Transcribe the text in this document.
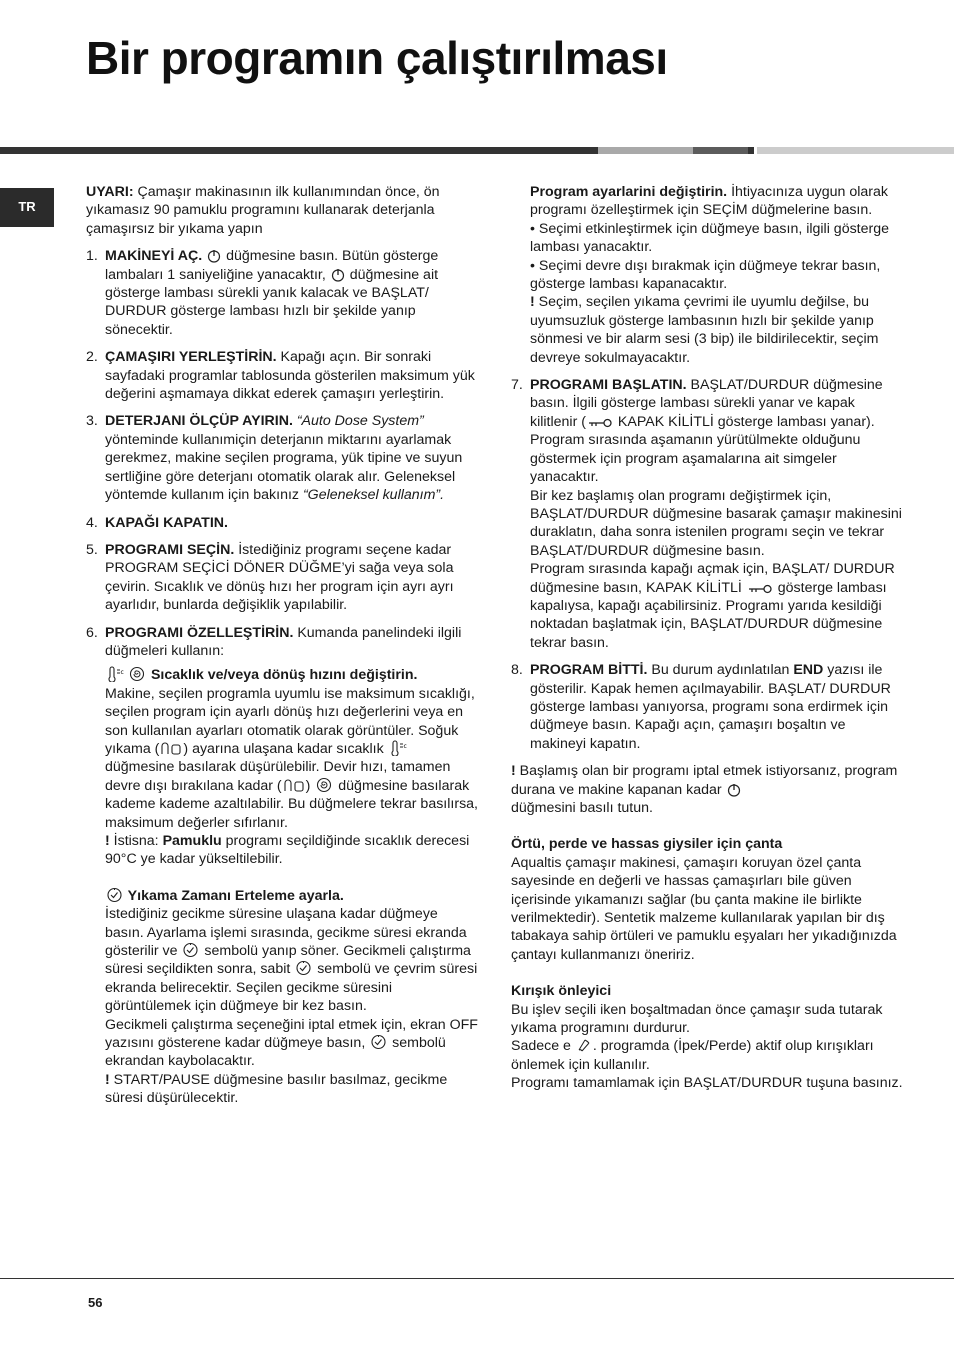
Bir programın çalıştırılması
TR

UYARI: Çamaşır makinasının ilk kullanımından önce, ön yıkamasız 90 pamuklu programını kullanarak deterjanla çamaşırsız bir yıkama yapın

1. MAKİNEYİ AÇ.  düğmesine basın. Bütün gösterge lambaları 1 saniyeliğine yanacaktır,  düğmesine ait gösterge lambası sürekli yanık kalacak ve BAŞLAT/ DURDUR gösterge lambası hızlı bir şekilde yanıp sönecektir.
2. ÇAMAŞIRI YERLEŞTİRİN. Kapağı açın. Bir sonraki sayfadaki programlar tablosunda gösterilen maksimum yük değerini aşmamaya dikkat ederek çamaşırı yerleştirin.
3. DETERJANI ÖLÇÜP AYIRIN. “Auto Dose System” yönteminde kullanımiçin deterjanın miktarını ayarlamak gerekmez, makine seçilen programa, yük tipine ve suyun sertliğine göre deterjanı otomatik olarak alır. Geleneksel yöntemde kullanım için bakınız “Geleneksel kullanım”.
4. KAPAĞI KAPATIN.
5. PROGRAMI SEÇİN. İstediğiniz programı seçene kadar PROGRAM SEÇİCİ DÖNER DÜĞME’yi sağa veya sola çevirin. Sıcaklık ve dönüş hızı her program için ayrı ayrı ayarlıdır, bunlarda değişiklik yapılabilir.
6. PROGRAMI ÖZELLEŞTİRİN. Kumanda panelindeki ilgili düğmeleri kullanın:

c Sıcaklık ve/veya dönüş hızını değiştirin.
Makine, seçilen programla uyumlu ise maksimum sıcaklığı, seçilen program için ayarlı dönüş hızı değerlerini veya en son kullanılan ayarları otomatik olarak görüntüler. Soğuk yıkama ( ) ayarına ulaşana kadar sıcaklık	c
düğmesine basılarak düşürülebilir. Devir hızı, tamamen devre dışı bırakılana kadar ( )  düğmesine basılarak kademe kademe azaltılabilir. Bu düğmelere tekrar basılırsa, maksimum değerler sıfırlanır.
! İstisna: Pamuklu programı seçildiğinde sıcaklık derecesi 90°C ye kadar yükseltilebilir.

Yıkama Zamanı Erteleme ayarla.
İstediğiniz gecikme süresine ulaşana kadar düğmeye basın. Ayarlama işlemi sırasında, gecikme süresi ekranda gösterilir ve  sembolü yanıp söner. Gecikmeli çalıştırma süresi seçildikten sonra, sabit  sembolü ve çevrim süresi ekranda belirecektir. Seçilen gecikme süresini görüntülemek için düğmeye bir kez basın.
Gecikmeli çalıştırma seçeneğini iptal etmek için, ekran OFF yazısını gösterene kadar düğmeye basın,  sembolü ekrandan kaybolacaktır.
! START/PAUSE düğmesine basılır basılmaz, gecikme süresi düşürülecektir.

Program ayarlarini değiştirin. İhtiyacınıza uygun olarak programı özelleştirmek için SEÇİM düğmelerine basın.

• Seçimi etkinleştirmek için düğmeye basın, ilgili gösterge lambası yanacaktır.

• Seçimi devre dışı bırakmak için düğmeye tekrar basın, gösterge lambası kapanacaktır.

! Seçim, seçilen yıkama çevrimi ile uyumlu değilse, bu uyumsuzluk gösterge lambasının hızlı bir şekilde yanıp sönmesi ve bir alarm sesi (3 bip) ile bildirilecektir, seçim devreye sokulmayacaktır.

7. PROGRAMI BAŞLATIN. BAŞLAT/DURDUR düğmesine basın. İlgili gösterge lambası sürekli yanar ve kapak kilitlenir ( KAPAK KİLİTLİ gösterge lambası yanar). Program sırasında aşamanın yürütülmekte olduğunu göstermek için program aşamalarına ait simgeler yanacaktır.
Bir kez başlamış olan programı değiştirmek için, BAŞLAT/DURDUR düğmesine basarak çamaşır makinesini duraklatın, daha sonra istenilen programı seçin ve tekrar BAŞLAT/DURDUR düğmesine basın.
Program sırasında kapağı açmak için, BAŞLAT/ DURDUR düğmesine basın, KAPAK KİLİTLİ  gösterge lambası kapalıysa, kapağı açabilirsiniz. Programı yarıda kesildiği noktadan başlatmak için, BAŞLAT/DURDUR düğmesine tekrar basın.
8. PROGRAM BİTTİ. Bu durum aydınlatılan END yazısı ile gösterilir. Kapak hemen açılmayabilir. BAŞLAT/ DURDUR gösterge lambası yanıyorsa, programı sona erdirmek için düğmeye basın. Kapağı açın, çamaşırı boşaltın ve makineyi kapatın.

! Başlamış olan bir programı iptal etmek istiyorsanız, program durana ve makine kapanan kadar
düğmesini basılı tutun.

Örtü, perde ve hassas giysiler için çanta

Aqualtis çamaşır makinesi, çamaşırı koruyan özel çanta sayesinde en değerli ve hassas çamaşırları bile güven içerisinde yıkamanızı sağlar (bu çanta makine ile birlikte verilmektedir). Sentetik malzeme kullanılarak yapılan bir dış tabakaya sahip örtüleri ve pamuklu eşyaları her yıkadığınızda çantayı kullanmanızı öneririz.

Kırışık önleyici

Bu işlev seçili iken boşaltmadan önce çamaşır suda tutarak yıkama programını durdurur.

Sadece e . programda (İpek/Perde) aktif olup kırışıkları önlemek için kullanılır.

Programı tamamlamak için BAŞLAT/DURDUR tuşuna basınız.

56
